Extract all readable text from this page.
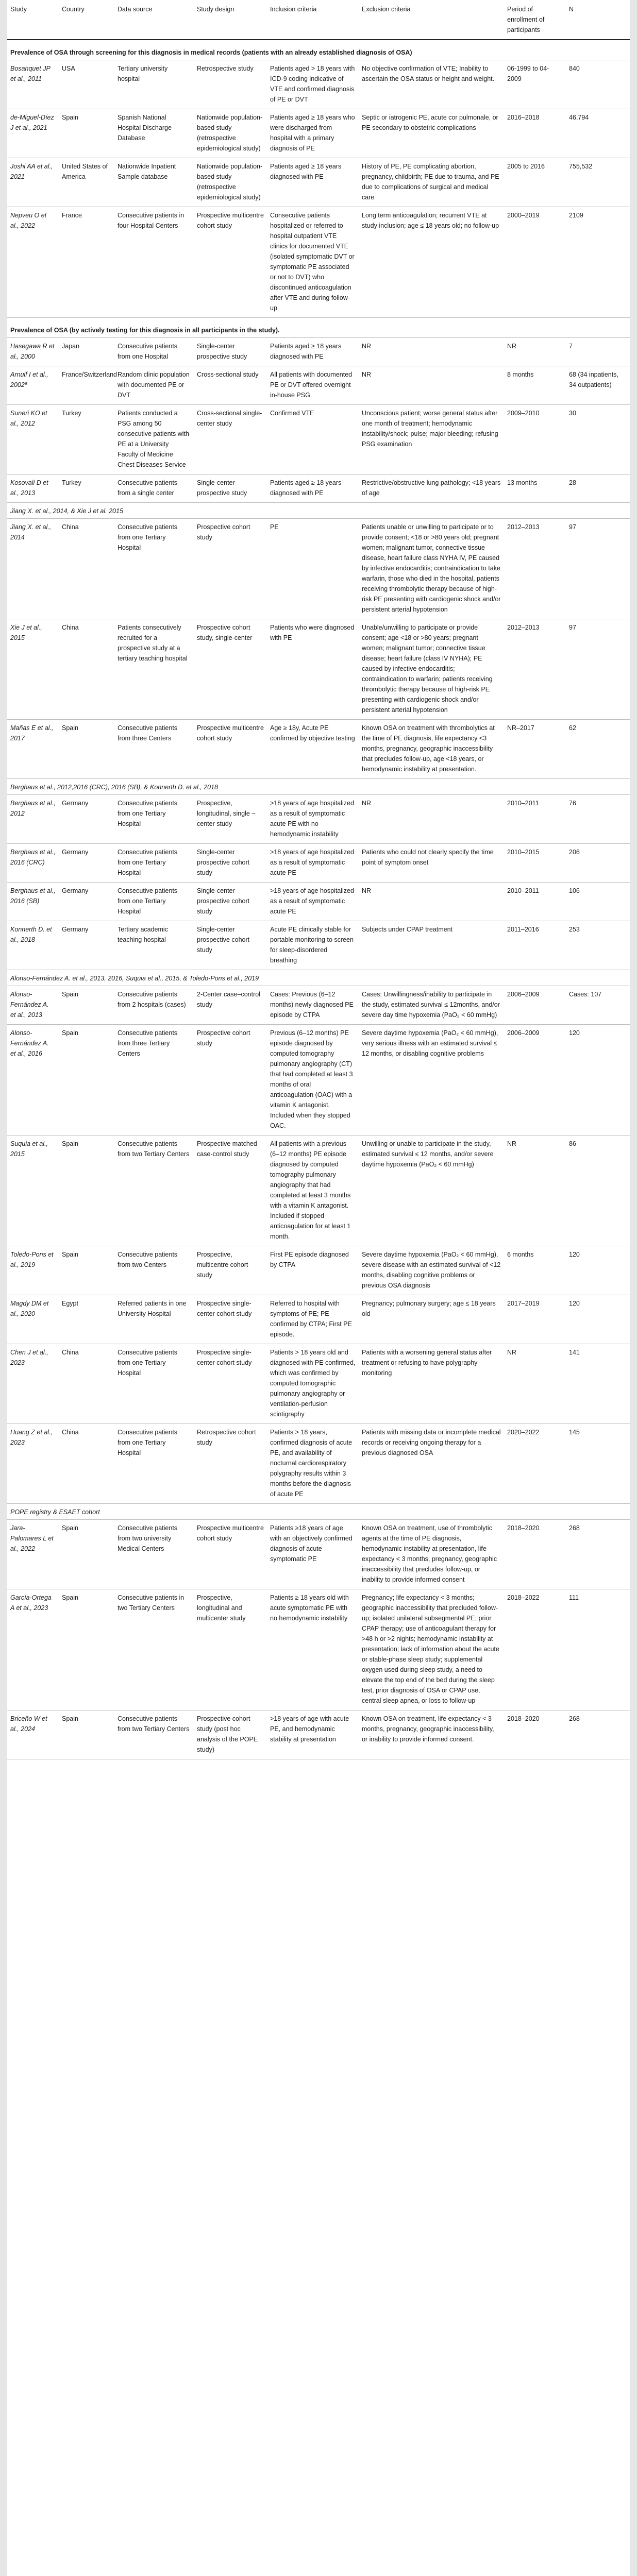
Study	Country	Data source	Study design	Inclusion criteria	Exclusion criteria	Period of enrollment of participants	N
Prevalence of OSA through screening for this diagnosis in medical records (patients with an already established diagnosis of OSA)							
Bosanquet JP et al., 2011	USA	Tertiary university hospital	Retrospective study	Patients aged > 18 years with ICD-9 coding indicative of VTE and confirmed diagnosis of PE or DVT	No objective confirmation of VTE; Inability to ascertain the OSA status or height and weight.	06-1999 to 04-2009	840
de-Miguel-Díez J et al., 2021	Spain	Spanish National Hospital Discharge Database	Nationwide population-based study (retrospective epidemiological study)	Patients aged ≥ 18 years who were discharged from hospital with a primary diagnosis of PE	Septic or iatrogenic PE, acute cor pulmonale, or PE secondary to obstetric complications	2016–2018	46,794
Joshi AA et al., 2021	United States of America	Nationwide Inpatient Sample database	Nationwide population-based study (retrospective epidemiological study)	Patients aged ≥ 18 years diagnosed with PE	History of PE, PE complicating abortion, pregnancy, childbirth; PE due to trauma, and PE due to complications of surgical and medical care	2005 to 2016	755,532
Nepveu O et al., 2022	France	Consecutive patients in four Hospital Centers	Prospective multicentre cohort study	Consecutive patients hospitalized or referred to hospital outpatient VTE clinics for documented VTE (isolated symptomatic DVT or symptomatic PE associated or not to DVT) who discontinued anticoagulation after VTE and during follow-up	Long term anticoagulation; recurrent VTE at study inclusion; age ≤ 18 years old; no follow-up	2000–2019	2109
Prevalence of OSA (by actively testing for this diagnosis in all participants in the study).							
Hasegawa R et al., 2000	Japan	Consecutive patients from one Hospital	Single-center prospective study	Patients aged ≥ 18 years diagnosed with PE	NR	NR	7
Arnulf I et al., 2002ª	France/Switzerland	Random clinic population with documented PE or DVT	Cross-sectional study	All patients with documented PE or DVT offered overnight in-house PSG.	NR	8 months	68 (34 inpatients, 34 outpatients)
Suneri KO et al., 2012	Turkey	Patients conducted a PSG among 50 consecutive patients with PE at a University Faculty of Medicine Chest Diseases Service	Cross-sectional single-center study	Confirmed VTE	Unconscious patient; worse general status after one month of treatment; hemodynamic instability/shock; pulse; major bleeding; refusing PSG examination	2009–2010	30
Kosovali D et al., 2013	Turkey	Consecutive patients from a single center	Single-center prospective study	Patients aged ≥ 18 years diagnosed with PE	Restrictive/obstructive lung pathology; <18 years of age	13 months	28
Jiang X. et al., 2014, & Xie J et al. 2015							
Jiang X. et al., 2014	China	Consecutive patients from one Tertiary Hospital	Prospective cohort study	PE	Patients unable or unwilling to participate or to provide consent; <18 or >80 years old; pregnant women; malignant tumor, connective tissue disease, heart failure class NYHA IV, PE caused by infective endocarditis; contraindication to take warfarin, those who died in the hospital, patients receiving thrombolytic therapy because of high-risk PE presenting with cardiogenic shock and/or persistent arterial hypotension	2012–2013	97
Xie J et al., 2015	China	Patients consecutively recruited for a prospective study at a tertiary teaching hospital	Prospective cohort study, single-center	Patients who were diagnosed with PE	Unable/unwilling to participate or provide consent; age <18 or >80 years; pregnant women; malignant tumor; connective tissue disease; heart failure (class IV NYHA); PE caused by infective endocarditis; contraindication to warfarin; patients receiving thrombolytic therapy because of high-risk PE presenting with cardiogenic shock and/or persistent arterial hypotension	2012–2013	97
Mañas E et al., 2017	Spain	Consecutive patients from three Centers	Prospective multicentre cohort study	Age ≥ 18y, Acute PE confirmed by objective testing	Known OSA on treatment with thrombolytics at the time of PE diagnosis, life expectancy <3 months, pregnancy, geographic inaccessibility that precludes follow-up, age <18 years, or hemodynamic instability at presentation.	NR–2017	62
Berghaus et al., 2012,2016 (CRC), 2016 (SB), & Konnerth D. et al., 2018							
Berghaus et al., 2012	Germany	Consecutive patients from one Tertiary Hospital	Prospective, longitudinal, single – center study	>18 years of age hospitalized as a result of symptomatic acute PE with no hemodynamic instability	NR	2010–2011	76
Berghaus et al., 2016 (CRC)	Germany	Consecutive patients from one Tertiary Hospital	Single-center prospective cohort study	>18 years of age hospitalized as a result of symptomatic acute PE	Patients who could not clearly specify the time point of symptom onset	2010–2015	206
Berghaus et al., 2016 (SB)	Germany	Consecutive patients from one Tertiary Hospital	Single-center prospective cohort study	>18 years of age hospitalized as a result of symptomatic acute PE	NR	2010–2011	106
Konnerth D. et al., 2018	Germany	Tertiary academic teaching hospital	Single-center prospective cohort study	Acute PE clinically stable for portable monitoring to screen for sleep-disordered breathing	Subjects under CPAP treatment	2011–2016	253
Alonso-Fernández A. et al., 2013, 2016, Suquia et al., 2015, & Toledo-Pons et al., 2019							
Alonso-Fernández A. et al., 2013	Spain	Consecutive patients from 2 hospitals (cases)	2-Center case–control study	Cases: Previous (6–12 months) newly diagnosed PE episode by CTPA	Cases: Unwillingness/inability to participate in the study, estimated survival ≤ 12months, and/or severe day time hypoxemia (PaO₂ < 60 mmHg)	2006–2009	Cases: 107
Alonso-Fernández A. et al., 2016	Spain	Consecutive patients from three Tertiary Centers	Prospective cohort study	Previous (6–12 months) PE episode diagnosed by computed tomography pulmonary angiography (CT) that had completed at least 3 months of oral anticoagulation (OAC) with a vitamin K antagonist. Included when they stopped OAC.	Severe daytime hypoxemia (PaO₂ < 60 mmHg), very serious illness with an estimated survival ≤ 12 months, or disabling cognitive problems	2006–2009	120
Suquia et al., 2015	Spain	Consecutive patients from two Tertiary Centers	Prospective matched case-control study	All patients with a previous (6–12 months) PE episode diagnosed by computed tomography pulmonary angiography that had completed at least 3 months with a vitamin K antagonist. Included if stopped anticoagulation for at least 1 month.	Unwilling or unable to participate in the study, estimated survival ≤ 12 months, and/or severe daytime hypoxemia (PaO₂ < 60 mmHg)	NR	86
Toledo-Pons et al., 2019	Spain	Consecutive patients from two Centers	Prospective, multicentre cohort study	First PE episode diagnosed by CTPA	Severe daytime hypoxemia (PaO₂ < 60 mmHg), severe disease with an estimated survival of <12 months, disabling cognitive problems or previous OSA diagnosis	6 months	120
Magdy DM et al., 2020	Egypt	Referred patients in one University Hospital	Prospective single-center cohort study	Referred to hospital with symptoms of PE; PE confirmed by CTPA; First PE episode.	Pregnancy; pulmonary surgery; age ≤ 18 years old	2017–2019	120
Chen J et al., 2023	China	Consecutive patients from one Tertiary Hospital	Prospective single-center cohort study	Patients > 18 years old and diagnosed with PE confirmed, which was confirmed by computed tomographic pulmonary angiography or ventilation-perfusion scintigraphy	Patients with a worsening general status after treatment or refusing to have polygraphy monitoring	NR	141
Huang Z et al., 2023	China	Consecutive patients from one Tertiary Hospital	Retrospective cohort study	Patients > 18 years, confirmed diagnosis of acute PE, and availability of nocturnal cardiorespiratory polygraphy results within 3 months before the diagnosis of acute PE	Patients with missing data or incomplete medical records or receiving ongoing therapy for a previous diagnosed OSA	2020–2022	145
POPE registry & ESAET cohort							
Jara-Palomares L et al., 2022	Spain	Consecutive patients from two university Medical Centers	Prospective multicentre cohort study	Patients ≥18 years of age with an objectively confirmed diagnosis of acute symptomatic PE	Known OSA on treatment, use of thrombolytic agents at the time of PE diagnosis, hemodynamic instability at presentation, life expectancy < 3 months, pregnancy, geographic inaccessibility that precludes follow-up, or inability to provide informed consent	2018–2020	268
García-Ortega A et al., 2023	Spain	Consecutive patients in two Tertiary Centers	Prospective, longitudinal and multicenter study	Patients ≥ 18 years old with acute symptomatic PE with no hemodynamic instability	Pregnancy; life expectancy < 3 months; geographic inaccessibility that precluded follow-up; isolated unilateral subsegmental PE; prior CPAP therapy; use of anticoagulant therapy for >48 h or >2 nights; hemodynamic instability at presentation; lack of information about the acute or stable-phase sleep study; supplemental oxygen used during sleep study, a need to elevate the top end of the bed during the sleep test, prior diagnosis of OSA or CPAP use, central sleep apnea, or loss to follow-up	2018–2022	111
Briceño W et al., 2024	Spain	Consecutive patients from two Tertiary Centers	Prospective cohort study (post hoc analysis of the POPE study)	>18 years of age with acute PE, and hemodynamic stability at presentation	Known OSA on treatment, life expectancy < 3 months, pregnancy, geographic inaccessibility, or inability to provide informed consent.	2018–2020	268
